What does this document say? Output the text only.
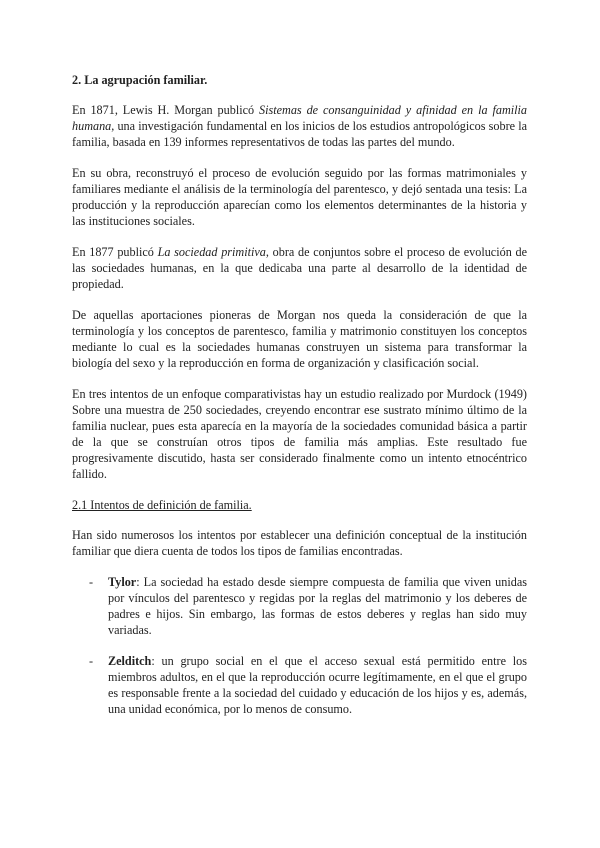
2. La agrupación familiar.

En 1871, Lewis H. Morgan publicó Sistemas de consanguinidad y afinidad en la familia humana, una investigación fundamental en los inicios de los estudios antropológicos sobre la familia, basada en 139 informes representativos de todas las partes del mundo.

En su obra, reconstruyó el proceso de evolución seguido por las formas matrimoniales y familiares mediante el análisis de la terminología del parentesco, y dejó sentada una tesis: La producción y la reproducción aparecían como los elementos determinantes de la historia y las instituciones sociales.

En 1877 publicó La sociedad primitiva, obra de conjuntos sobre el proceso de evolución de las sociedades humanas, en la que dedicaba una parte al desarrollo de la identidad de propiedad.

De aquellas aportaciones pioneras de Morgan nos queda la consideración de que la terminología y los conceptos de parentesco, familia y matrimonio constituyen los conceptos mediante lo cual es la sociedades humanas construyen un sistema para transformar la biología del sexo y la reproducción en forma de organización y clasificación social.

En tres intentos de un enfoque comparativistas hay un estudio realizado por Murdock (1949) Sobre una muestra de 250 sociedades, creyendo encontrar ese sustrato mínimo último de la familia nuclear, pues esta aparecía en la mayoría de la sociedades comunidad básica a partir de la que se construían otros tipos de familia más amplias. Este resultado fue progresivamente discutido, hasta ser considerado finalmente como un intento etnocéntrico fallido.

2.1 Intentos de definición de familia.

Han sido numerosos los intentos por establecer una definición conceptual de la institución familiar que diera cuenta de todos los tipos de familias encontradas.

- Tylor: La sociedad ha estado desde siempre compuesta de familia que viven unidas por vínculos del parentesco y regidas por la reglas del matrimonio y los deberes de padres e hijos. Sin embargo, las formas de estos deberes y reglas han sido muy variadas.
- Zelditch: un grupo social en el que el acceso sexual está permitido entre los miembros adultos, en el que la reproducción ocurre legítimamente, en el que el grupo es responsable frente a la sociedad del cuidado y educación de los hijos y es, además, una unidad económica, por lo menos de consumo.
